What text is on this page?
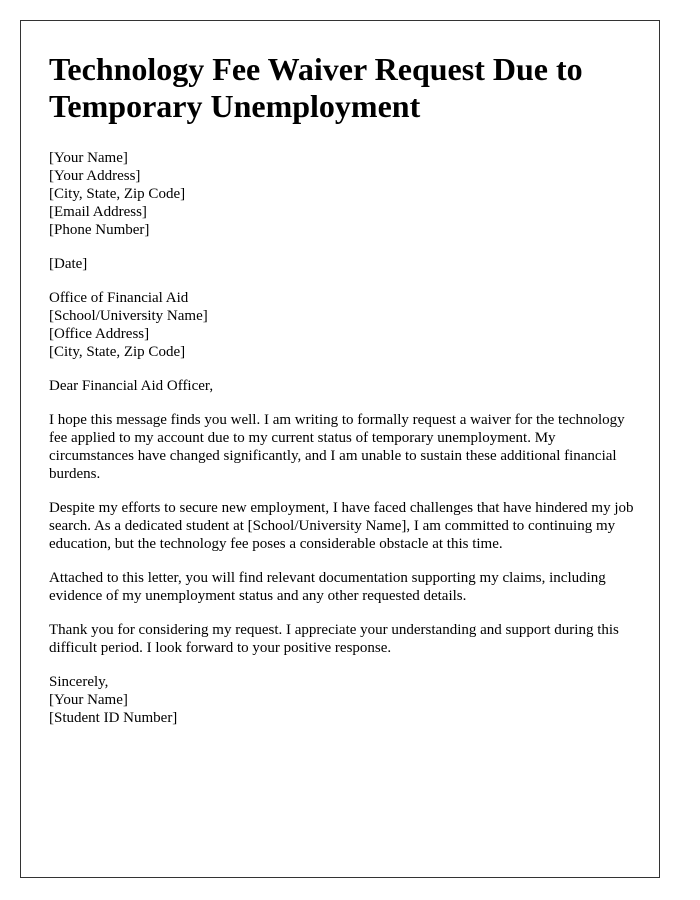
Technology Fee Waiver Request Due to Temporary Unemployment
[Your Name]
[Your Address]
[City, State, Zip Code]
[Email Address]
[Phone Number]
[Date]
Office of Financial Aid
[School/University Name]
[Office Address]
[City, State, Zip Code]
Dear Financial Aid Officer,

I hope this message finds you well. I am writing to formally request a waiver for the technology fee applied to my account due to my current status of temporary unemployment. My circumstances have changed significantly, and I am unable to sustain these additional financial burdens.

Despite my efforts to secure new employment, I have faced challenges that have hindered my job search. As a dedicated student at [School/University Name], I am committed to continuing my education, but the technology fee poses a considerable obstacle at this time.

Attached to this letter, you will find relevant documentation supporting my claims, including evidence of my unemployment status and any other requested details.

Thank you for considering my request. I appreciate your understanding and support during this difficult period. I look forward to your positive response.

Sincerely,
[Your Name]
[Student ID Number]
